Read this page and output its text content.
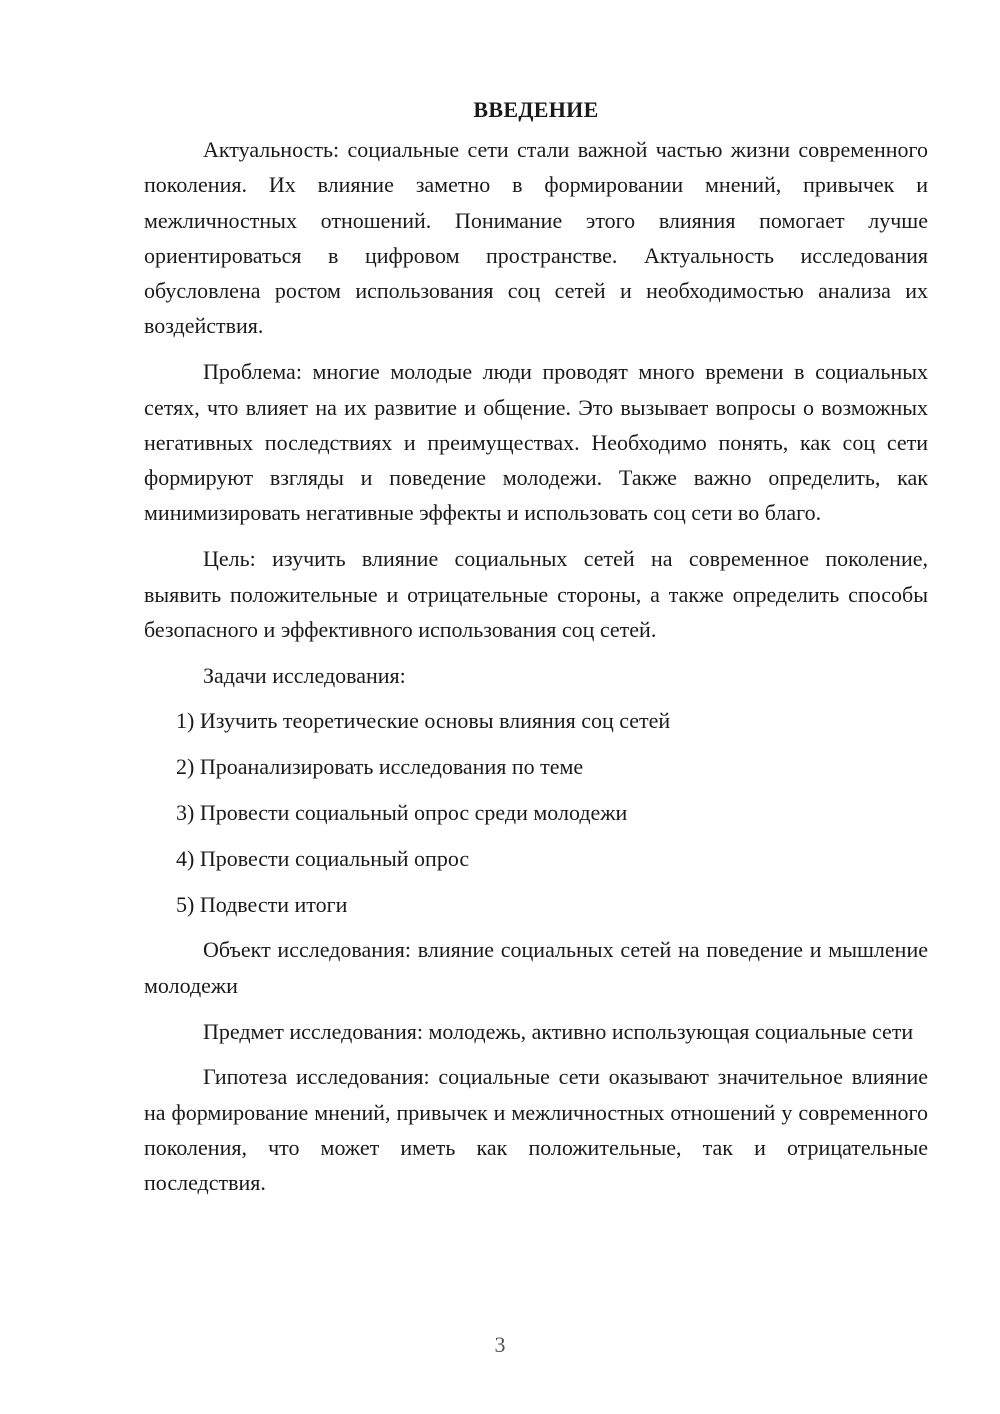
ВВЕДЕНИЕ

Актуальность: социальные сети стали важной частью жизни современного поколения. Их влияние заметно в формировании мнений, привычек и межличностных отношений. Понимание этого влияния помогает лучше ориентироваться в цифровом пространстве. Актуальность исследования обусловлена ростом использования соц сетей и необходимостью анализа их воздействия.

Проблема: многие молодые люди проводят много времени в социальных сетях, что влияет на их развитие и общение. Это вызывает вопросы о возможных негативных последствиях и преимуществах. Необходимо понять, как соц сети формируют взгляды и поведение молодежи. Также важно определить, как минимизировать негативные эффекты и использовать соц сети во благо.

Цель: изучить влияние социальных сетей на современное поколение, выявить положительные и отрицательные стороны, а также определить способы безопасного и эффективного использования соц сетей.

Задачи исследования:

1) Изучить теоретические основы влияния соц сетей
2) Проанализировать исследования по теме
3) Провести социальный опрос среди молодежи
4) Провести социальный опрос
5) Подвести итоги

Объект исследования: влияние социальных сетей на поведение и мышление молодежи

Предмет исследования: молодежь, активно использующая социальные сети

Гипотеза исследования: социальные сети оказывают значительное влияние на формирование мнений, привычек и межличностных отношений у современного поколения, что может иметь как положительные, так и отрицательные последствия.

3
